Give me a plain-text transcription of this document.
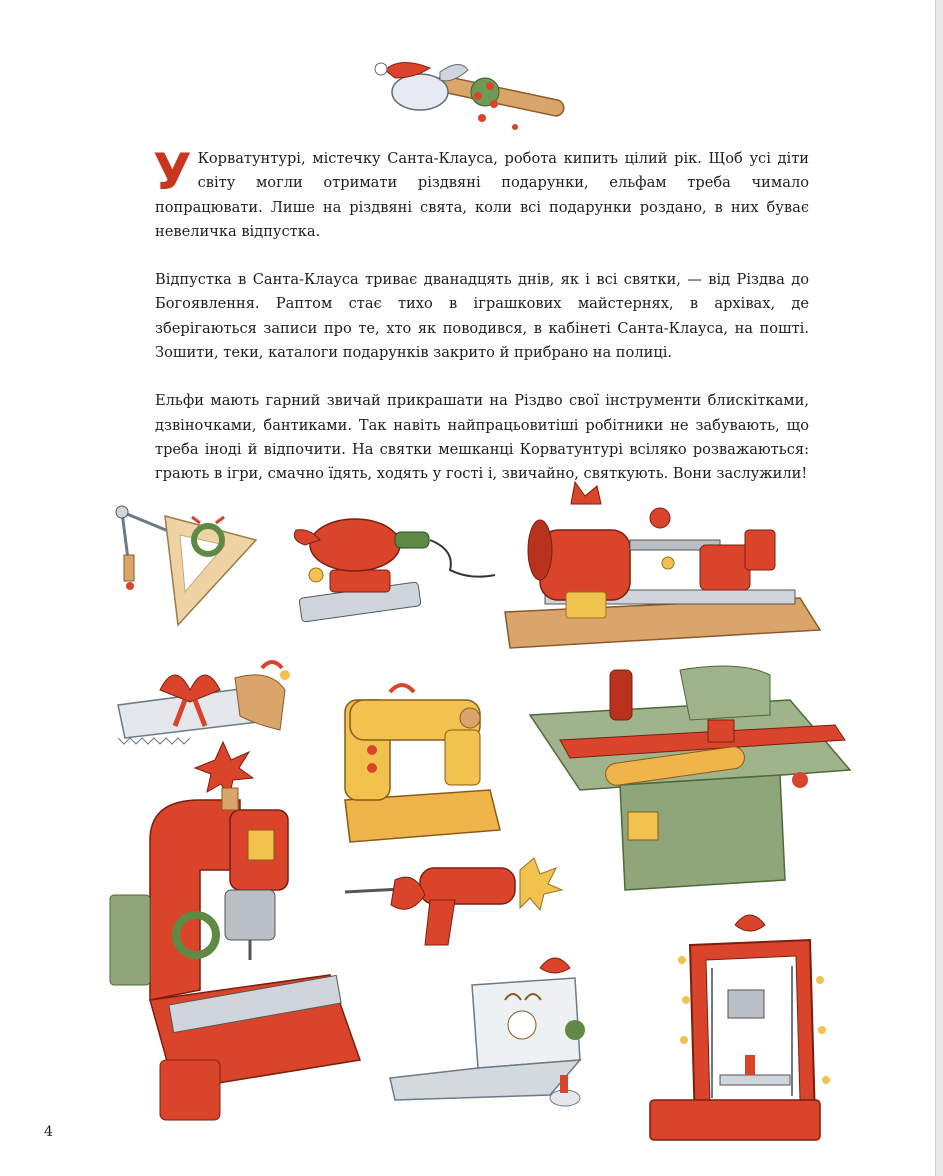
У Корватунтурі, містечку Санта-Клауса, робота кипить цілий рік. Щоб усі діти світу могли отримати різдвяні подарунки, ельфам треба чимало попрацювати. Лише на різдвяні свята, коли всі подарунки роздано, в них буває невеличка відпустка.

Відпустка в Санта-Клауса триває дванадцять днів, як і всі святки, — від Різдва до Богоявлення. Раптом стає тихо в іграшкових майстернях, в архівах, де зберігаються записи про те, хто як поводився, в кабінеті Санта-Клауса, на пошті. Зошити, теки, каталоги подарунків закрито й прибрано на полиці.

Ельфи мають гарний звичай прикрашати на Різдво свої інструменти блискітками, дзвіночками, бантиками. Так навіть найпрацьовитіші робітники не забувають, що треба іноді й відпочити. На святки мешканці Корватунтурі всіляко розважаються: грають в ігри, смачно їдять, ходять у гості і, звичайно, святкують. Вони заслужили!

4
